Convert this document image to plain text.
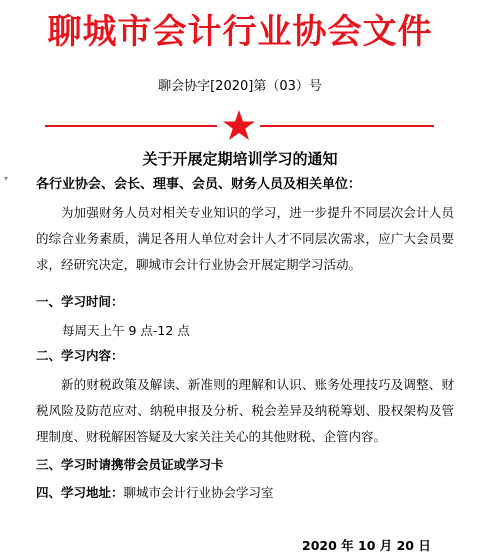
聊城市会计行业协会文件
聊会协字[2020]第（03）号
关于开展定期培训学习的通知
▾ 各行业协会、会长、理事、会员、财务人员及相关单位：
为加强财务人员对相关专业知识的学习，进一步提升不同层次会计人员的综合业务素质，满足各用人单位对会计人才不同层次需求，应广大会员要求，经研究决定，聊城市会计行业协会开展定期学习活动。
一、学习时间：
每周天上午 9 点-12 点
二、学习内容：
新的财税政策及解读、新准则的理解和认识、账务处理技巧及调整、财税风险及防范应对、纳税申报及分析、税会差异及纳税筹划、股权架构及管理制度、财税解困答疑及大家关注关心的其他财税、企管内容。
三、学习时请携带会员证或学习卡
四、学习地址：聊城市会计行业协会学习室
2020 年 10 月 20 日
